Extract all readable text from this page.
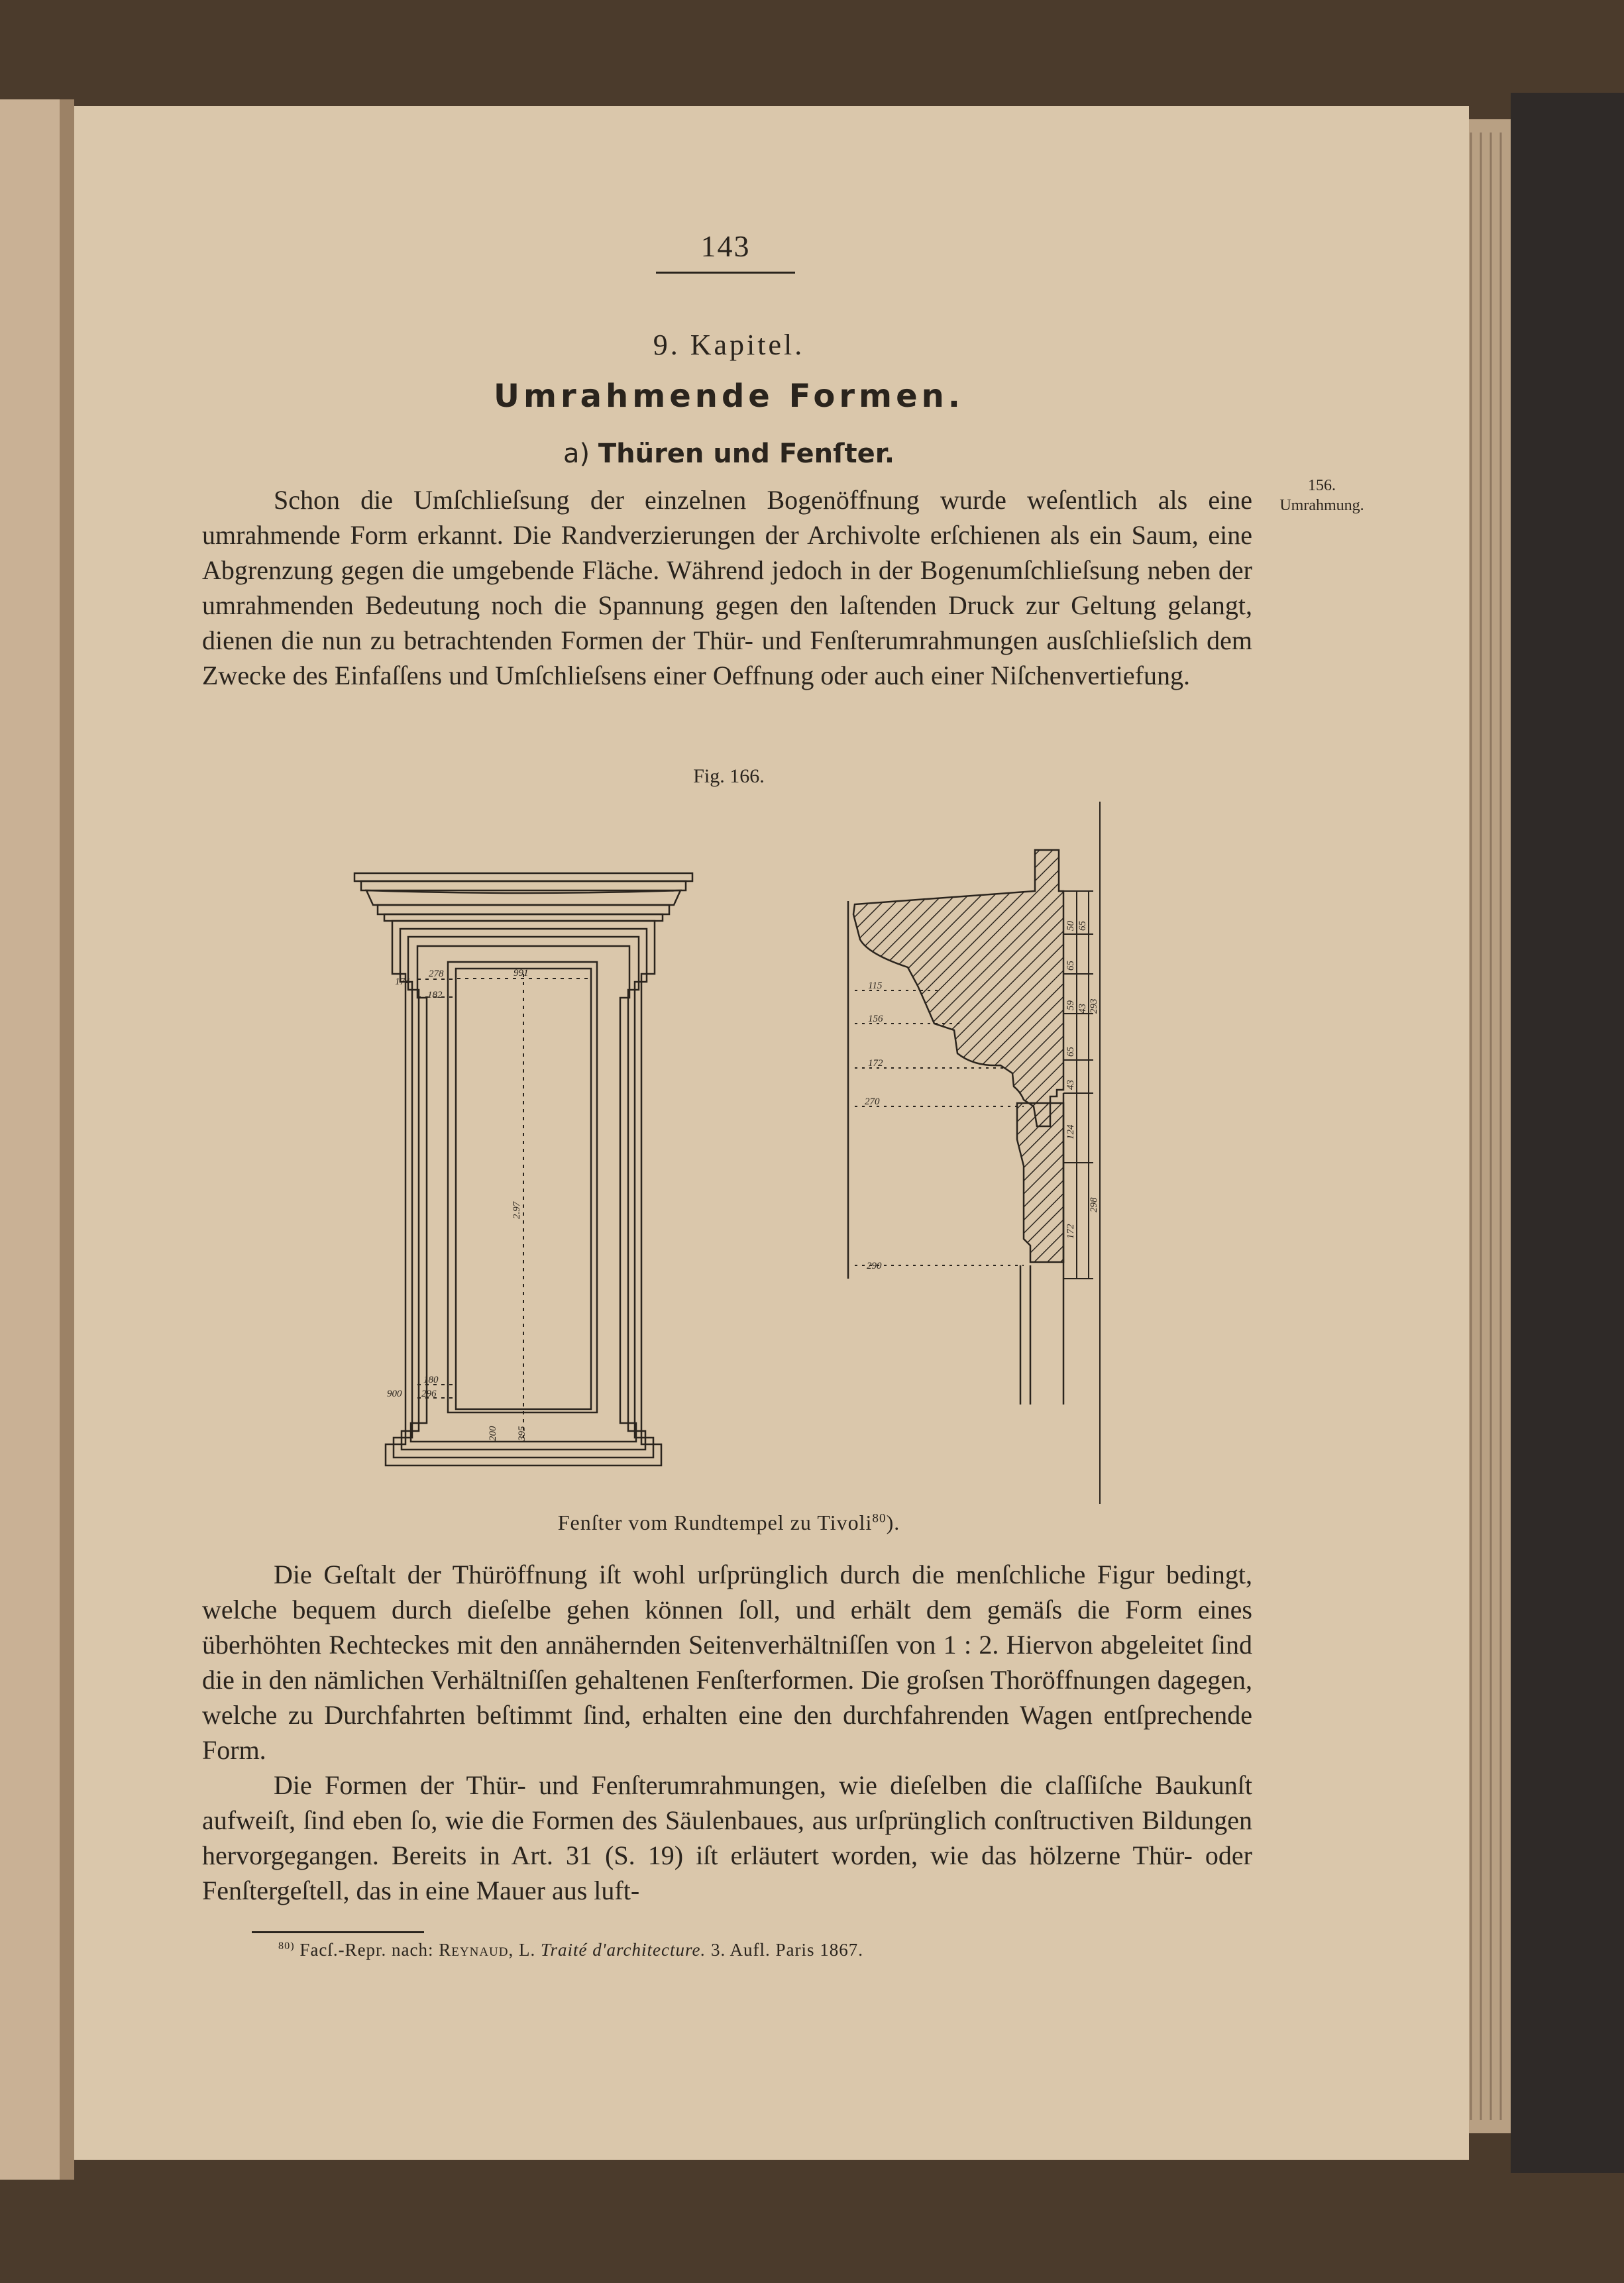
991
2.97
278
182
174
180
296
900
200 395
115
156
172
270
290
65
50
65
59 43
65
43
124
172
293
298
143
9. Kapitel.
Umrahmende Formen.
a) Thüren und Fenſter.

Schon die Umſchlieſsung der einzelnen Bogenöffnung wurde weſentlich als eine umrahmende Form erkannt. Die Randverzierungen der Archivolte erſchienen als ein Saum, eine Abgrenzung gegen die umgebende Fläche. Während jedoch in der Bogenumſchlieſsung neben der umrahmenden Bedeutung noch die Spannung gegen den laſtenden Druck zur Geltung gelangt, dienen die nun zu betrachtenden Formen der Thür- und Fenſterumrahmungen ausſchlieſslich dem Zwecke des Einfaſſens und Umſchlieſsens einer Oeffnung oder auch einer Niſchenvertiefung.

156.
Umrahmung.
Fig. 166.
Fenſter vom Rundtempel zu Tivoli$^{80}$).

Die Geſtalt der Thüröffnung iſt wohl urſprünglich durch die menſchliche Figur bedingt, welche bequem durch dieſelbe gehen können ſoll, und erhält dem gemäſs die Form eines überhöhten Rechteckes mit den annähernden Seitenverhältniſſen von 1 : 2. Hiervon abgeleitet ſind die in den nämlichen Verhältniſſen gehaltenen Fenſterformen. Die groſsen Thoröffnungen dagegen, welche zu Durchfahrten beſtimmt ſind, erhalten eine den durchfahrenden Wagen entſprechende Form.

Die Formen der Thür- und Fenſterumrahmungen, wie dieſelben die claſſiſche Baukunſt aufweiſt, ſind eben ſo, wie die Formen des Säulenbaues, aus urſprünglich conſtructiven Bildungen hervorgegangen. Bereits in Art. 31 (S. 19) iſt erläutert worden, wie das hölzerne Thür- oder Fenſtergeſtell, das in eine Mauer aus luft-

$^{80)}$ Facſ.-Repr. nach: Reynaud, L. Traité d'architecture. 3. Aufl. Paris 1867.
